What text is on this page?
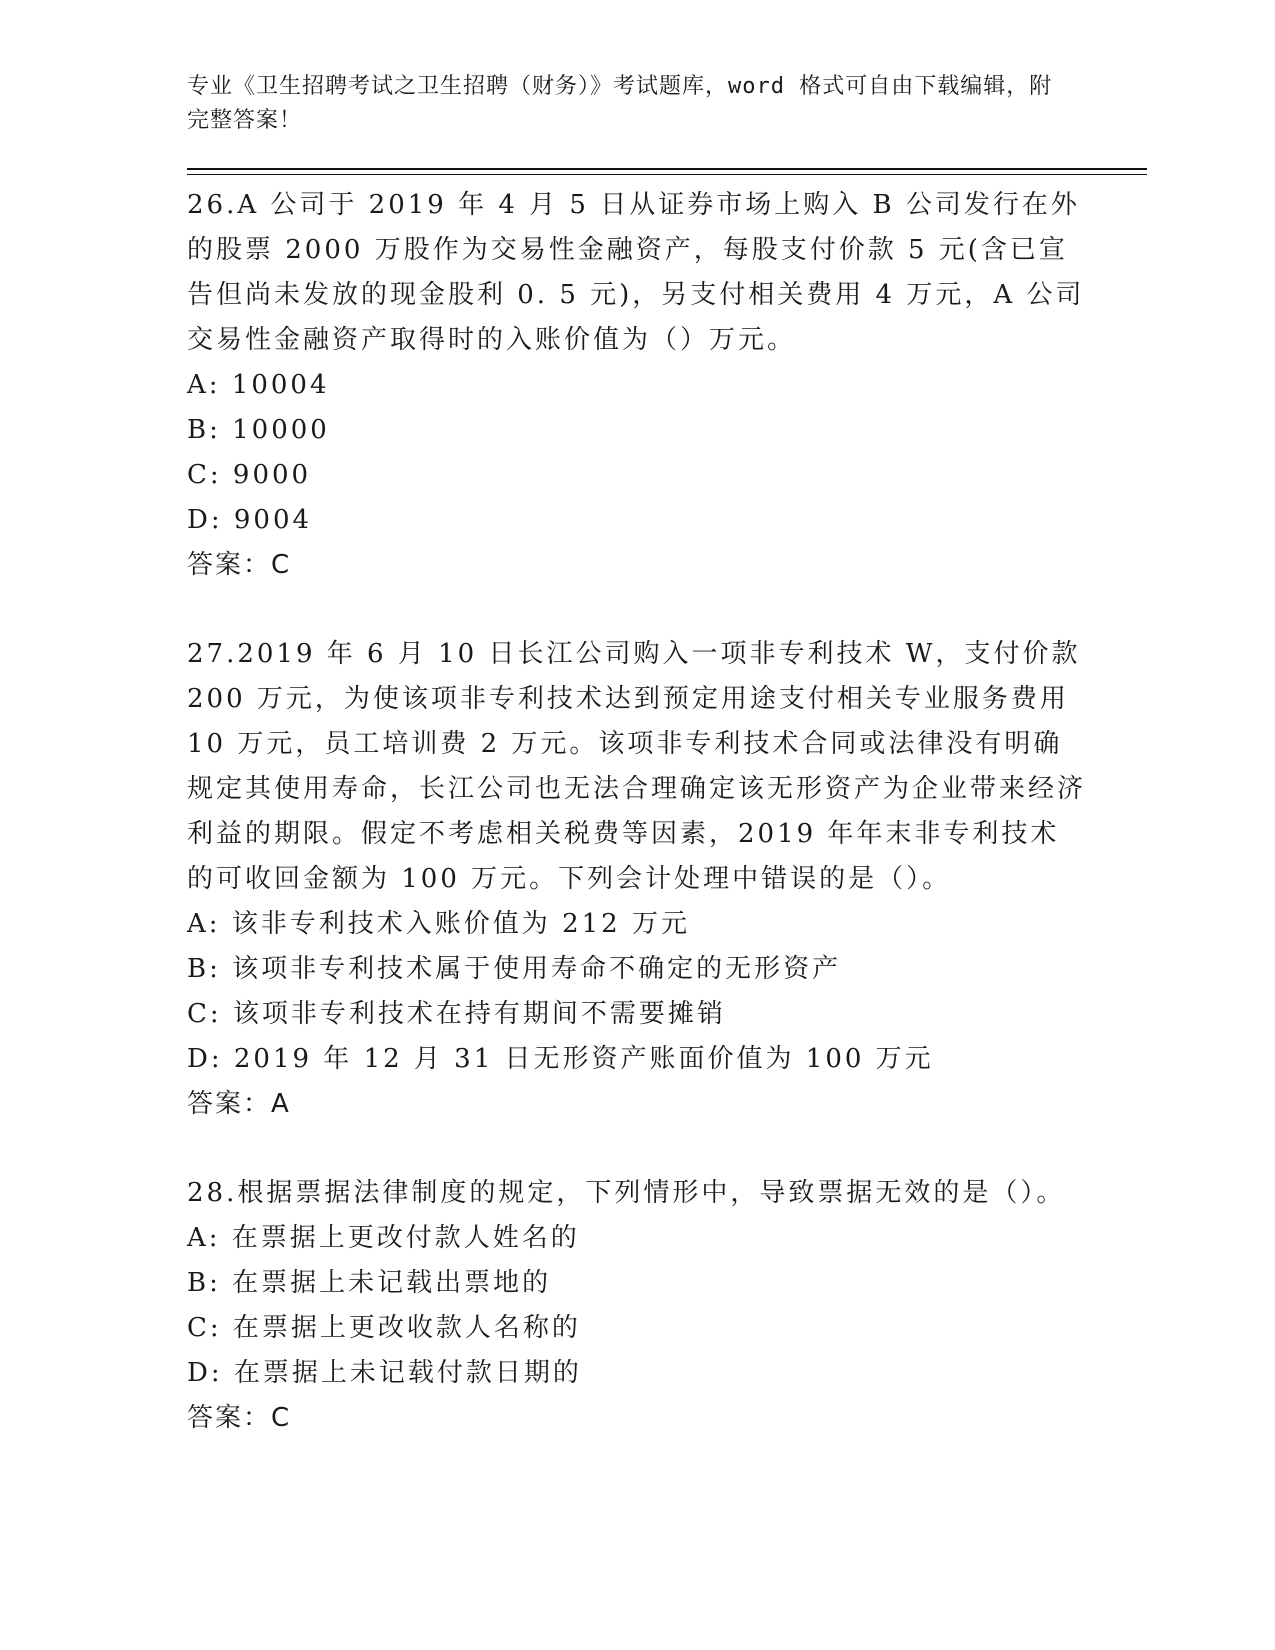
专业《卫生招聘考试之卫生招聘（财务）》考试题库，word 格式可自由下载编辑，附完整答案！
26.A 公司于 2019 年 4 月 5 日从证券市场上购入 B 公司发行在外的股票 2000 万股作为交易性金融资产，每股支付价款 5 元(含已宣告但尚未发放的现金股利 0. 5 元)，另支付相关费用 4 万元，A 公司交易性金融资产取得时的入账价值为（）万元。
A: 10004
B: 10000
C: 9000
D: 9004
答案：C
27.2019 年 6 月 10 日长江公司购入一项非专利技术 W，支付价款 200 万元，为使该项非专利技术达到预定用途支付相关专业服务费用 10 万元，员工培训费 2 万元。该项非专利技术合同或法律没有明确规定其使用寿命，长江公司也无法合理确定该无形资产为企业带来经济利益的期限。假定不考虑相关税费等因素，2019 年年末非专利技术的可收回金额为 100 万元。下列会计处理中错误的是（）。
A: 该非专利技术入账价值为 212 万元
B: 该项非专利技术属于使用寿命不确定的无形资产
C: 该项非专利技术在持有期间不需要摊销
D: 2019 年 12 月 31 日无形资产账面价值为 100 万元
答案：A
28.根据票据法律制度的规定，下列情形中，导致票据无效的是（）。
A: 在票据上更改付款人姓名的
B: 在票据上未记载出票地的
C: 在票据上更改收款人名称的
D: 在票据上未记载付款日期的
答案：C
